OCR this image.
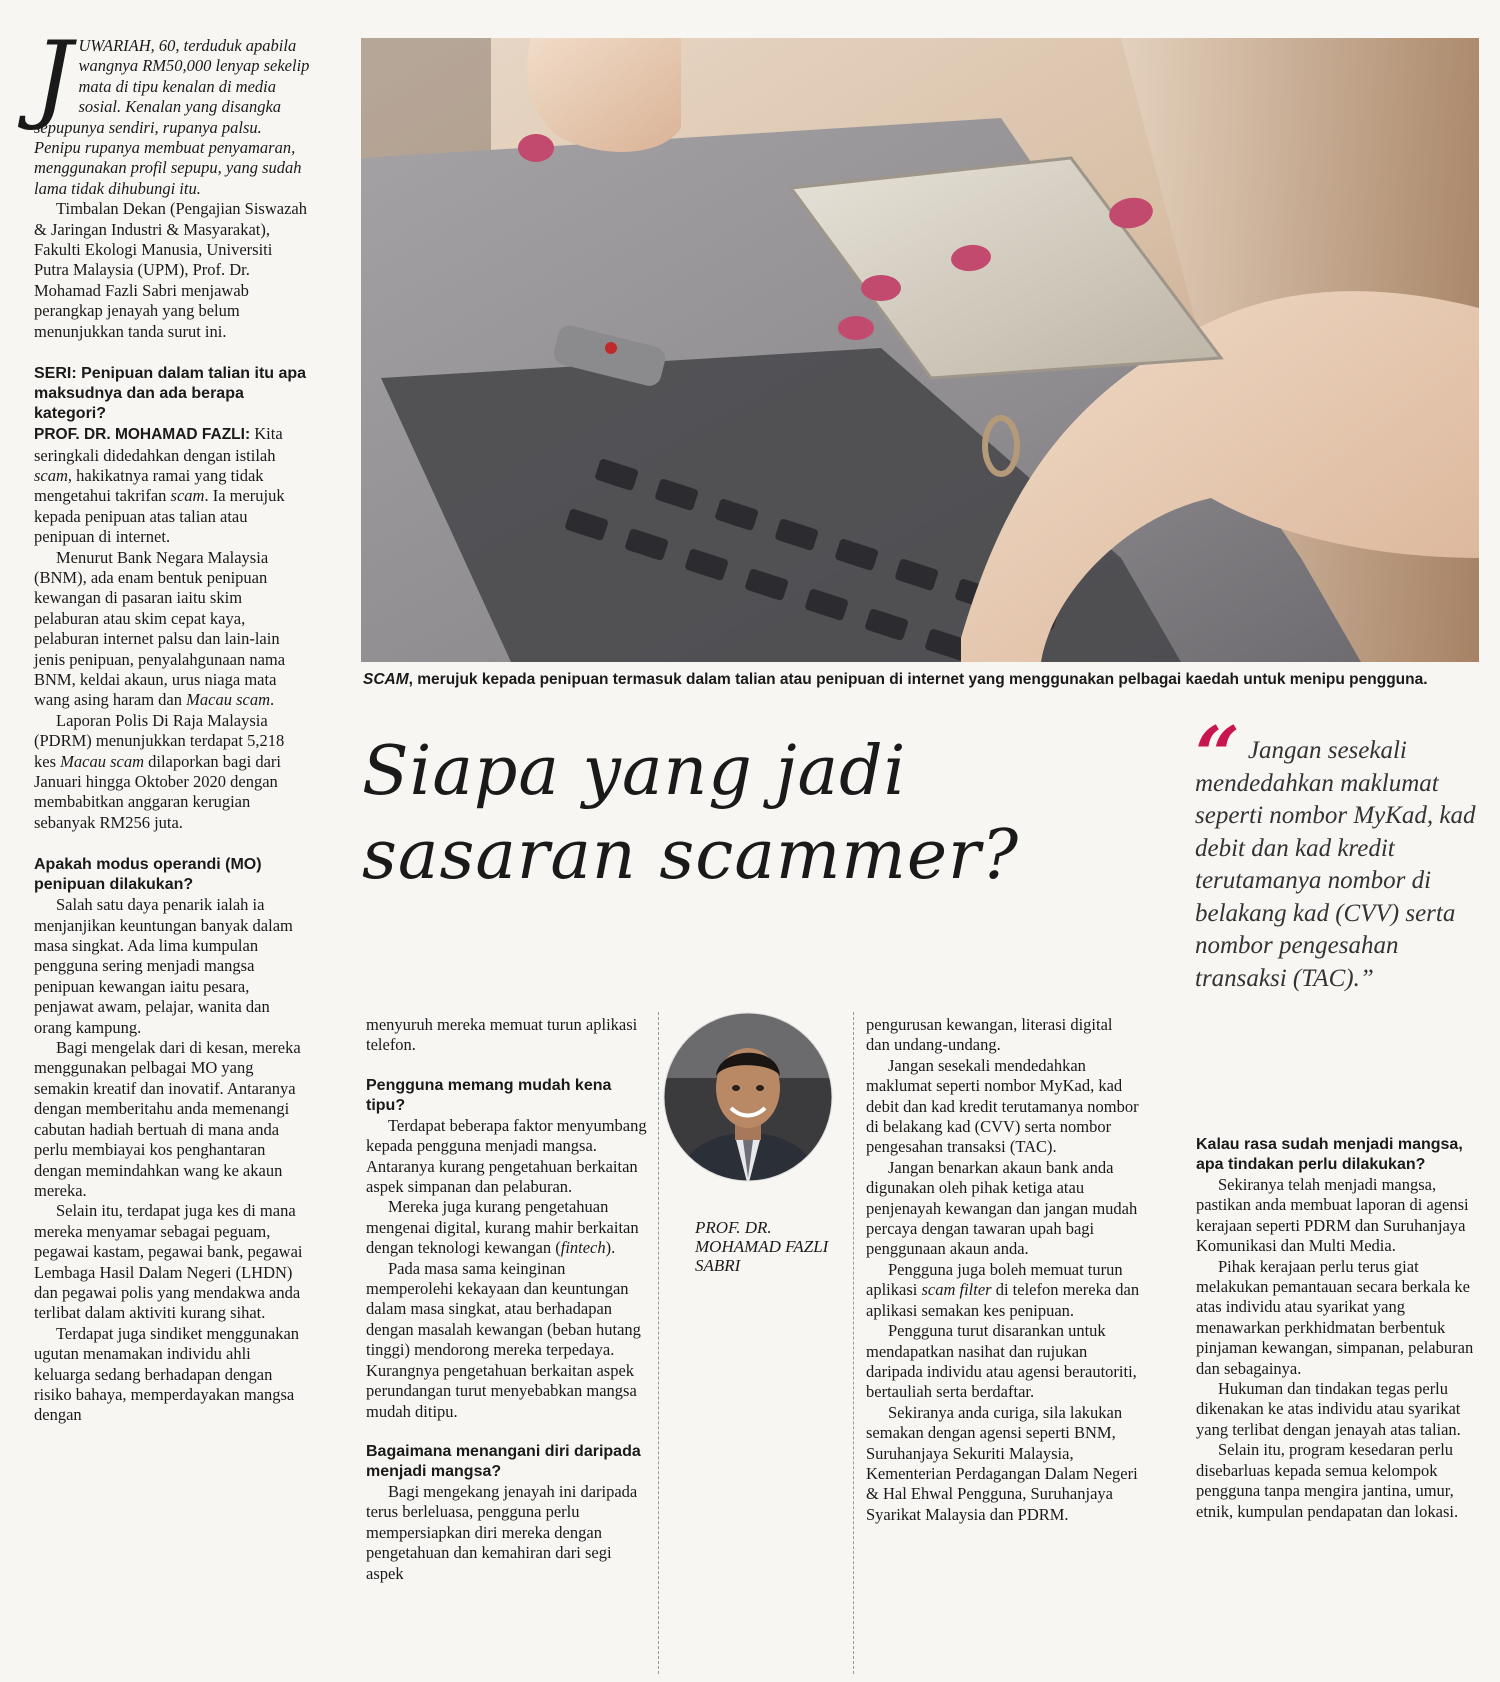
J UWARIAH, 60, terduduk apabila wangnya RM50,000 lenyap sekelip mata di tipu kenalan di media sosial. Kenalan yang disangka sepupunya sendiri, rupanya palsu. Penipu rupanya membuat penyamaran, menggunakan profil sepupu, yang sudah lama tidak dihubungi itu.

Timbalan Dekan (Pengajian Siswazah & Jaringan Industri & Masyarakat), Fakulti Ekologi Manusia, Universiti Putra Malaysia (UPM), Prof. Dr. Mohamad Fazli Sabri menjawab perangkap jenayah yang belum menunjukkan tanda surut ini.

SERI: Penipuan dalam talian itu apa maksudnya dan ada berapa kategori?

PROF. DR. MOHAMAD FAZLI: Kita seringkali didedahkan dengan istilah scam, hakikatnya ramai yang tidak mengetahui takrifan scam. Ia merujuk kepada penipuan atas talian atau penipuan di internet.

Menurut Bank Negara Malaysia (BNM), ada enam bentuk penipuan kewangan di pasaran iaitu skim pelaburan atau skim cepat kaya, pelaburan internet palsu dan lain-lain jenis penipuan, penyalahgunaan nama BNM, keldai akaun, urus niaga mata wang asing haram dan Macau scam.

Laporan Polis Di Raja Malaysia (PDRM) menunjukkan terdapat 5,218 kes Macau scam dilaporkan bagi dari Januari hingga Oktober 2020 dengan membabitkan anggaran kerugian sebanyak RM256 juta.

Apakah modus operandi (MO) penipuan dilakukan?

Salah satu daya penarik ialah ia menjanjikan keuntungan banyak dalam masa singkat. Ada lima kumpulan pengguna sering menjadi mangsa penipuan kewangan iaitu pesara, penjawat awam, pelajar, wanita dan orang kampung.

Bagi mengelak dari di kesan, mereka menggunakan pelbagai MO yang semakin kreatif dan inovatif. Antaranya dengan memberitahu anda memenangi cabutan hadiah bertuah di mana anda perlu membiayai kos penghantaran dengan memindahkan wang ke akaun mereka.

Selain itu, terdapat juga kes di mana mereka menyamar sebagai peguam, pegawai kastam, pegawai bank, pegawai Lembaga Hasil Dalam Negeri (LHDN) dan pegawai polis yang mendakwa anda terlibat dalam aktiviti kurang sihat.

Terdapat juga sindiket menggunakan ugutan menamakan individu ahli keluarga sedang berhadapan dengan risiko bahaya, memperdayakan mangsa dengan

SCAM, merujuk kepada penipuan termasuk dalam talian atau penipuan di internet yang menggunakan pelbagai kaedah untuk menipu pengguna.
Siapa yang jadi
sasaran scammer?
“ Jangan sesekali mendedahkan maklumat seperti nombor MyKad, kad debit dan kad kredit terutamanya nombor di belakang kad (CVV) serta nombor pengesahan transaksi (TAC).”

menyuruh mereka memuat turun aplikasi telefon.

Pengguna memang mudah kena tipu?

Terdapat beberapa faktor menyumbang kepada pengguna menjadi mangsa. Antaranya kurang pengetahuan berkaitan aspek simpanan dan pelaburan.

Mereka juga kurang pengetahuan mengenai digital, kurang mahir berkaitan dengan teknologi kewangan (fintech).

Pada masa sama keinginan memperolehi kekayaan dan keuntungan dalam masa singkat, atau berhadapan dengan masalah kewangan (beban hutang tinggi) mendorong mereka terpedaya. Kurangnya pengetahuan berkaitan aspek perundangan turut menyebabkan mangsa mudah ditipu.

Bagaimana menangani diri daripada menjadi mangsa?

Bagi mengekang jenayah ini daripada terus berleluasa, pengguna perlu mempersiapkan diri mereka dengan pengetahuan dan kemahiran dari segi aspek

PROF. DR. MOHAMAD FAZLI SABRI

pengurusan kewangan, literasi digital dan undang-undang.

Jangan sesekali mendedahkan maklumat seperti nombor MyKad, kad debit dan kad kredit terutamanya nombor di belakang kad (CVV) serta nombor pengesahan transaksi (TAC).

Jangan benarkan akaun bank anda digunakan oleh pihak ketiga atau penjenayah kewangan dan jangan mudah percaya dengan tawaran upah bagi penggunaan akaun anda.

Pengguna juga boleh memuat turun aplikasi scam filter di telefon mereka dan aplikasi semakan kes penipuan.

Pengguna turut disarankan untuk mendapatkan nasihat dan rujukan daripada individu atau agensi berautoriti, bertauliah serta berdaftar.

Sekiranya anda curiga, sila lakukan semakan dengan agensi seperti BNM, Suruhanjaya Sekuriti Malaysia, Kementerian Perdagangan Dalam Negeri & Hal Ehwal Pengguna, Suruhanjaya Syarikat Malaysia dan PDRM.

Kalau rasa sudah menjadi mangsa, apa tindakan perlu dilakukan?

Sekiranya telah menjadi mangsa, pastikan anda membuat laporan di agensi kerajaan seperti PDRM dan Suruhanjaya Komunikasi dan Multi Media.

Pihak kerajaan perlu terus giat melakukan pemantauan secara berkala ke atas individu atau syarikat yang menawarkan perkhidmatan berbentuk pinjaman kewangan, simpanan, pelaburan dan sebagainya.

Hukuman dan tindakan tegas perlu dikenakan ke atas individu atau syarikat yang terlibat dengan jenayah atas talian.

Selain itu, program kesedaran perlu disebarluas kepada semua kelompok pengguna tanpa mengira jantina, umur, etnik, kumpulan pendapatan dan lokasi.
